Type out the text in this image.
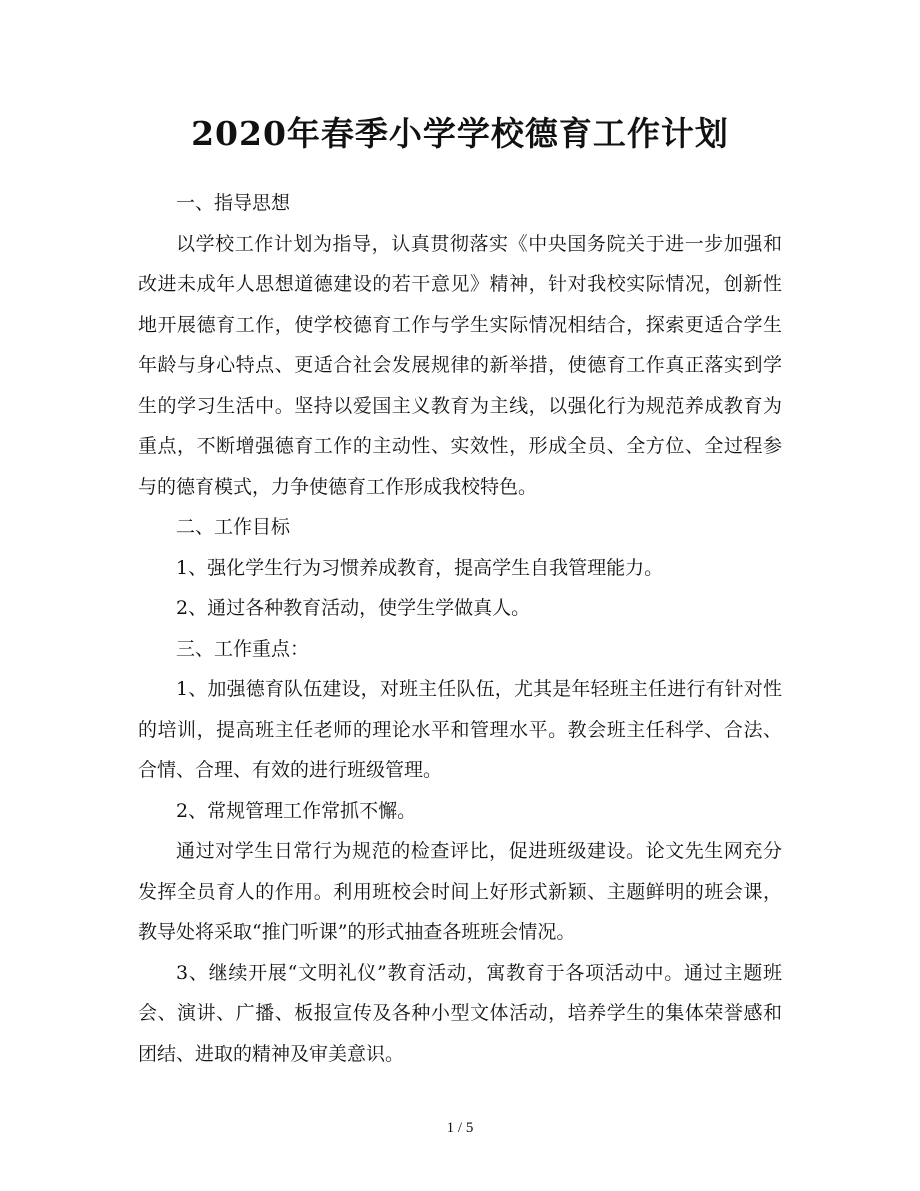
2020年春季小学学校德育工作计划

一、指导思想

以学校工作计划为指导，认真贯彻落实《中央国务院关于进一步加强和改进未成年人思想道德建设的若干意见》精神，针对我校实际情况，创新性地开展德育工作，使学校德育工作与学生实际情况相结合，探索更适合学生年龄与身心特点、更适合社会发展规律的新举措，使德育工作真正落实到学生的学习生活中。坚持以爱国主义教育为主线，以强化行为规范养成教育为重点，不断增强德育工作的主动性、实效性，形成全员、全方位、全过程参与的德育模式，力争使德育工作形成我校特色。

二、工作目标

1、强化学生行为习惯养成教育，提高学生自我管理能力。

2、通过各种教育活动，使学生学做真人。

三、工作重点：

1、加强德育队伍建设，对班主任队伍，尤其是年轻班主任进行有针对性的培训，提高班主任老师的理论水平和管理水平。教会班主任科学、合法、合情、合理、有效的进行班级管理。

2、常规管理工作常抓不懈。

通过对学生日常行为规范的检查评比，促进班级建设。论文先生网充分发挥全员育人的作用。利用班校会时间上好形式新颖、主题鲜明的班会课，教导处将采取“推门听课”的形式抽查各班班会情况。

3、继续开展“文明礼仪”教育活动，寓教育于各项活动中。通过主题班会、演讲、广播、板报宣传及各种小型文体活动，培养学生的集体荣誉感和团结、进取的精神及审美意识。

1 / 5
